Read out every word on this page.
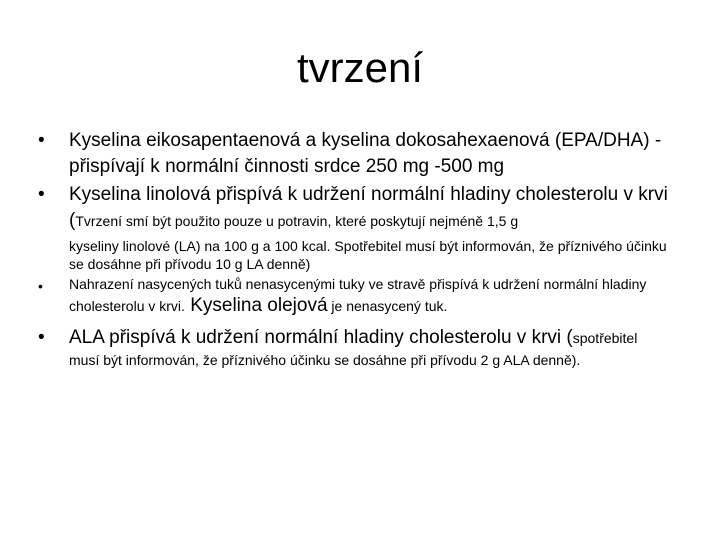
tvrzení
• Kyselina eikosapentaenová a kyselina dokosahexaenová (EPA/DHA) - přispívají k normální činnosti srdce 250 mg -500 mg
• Kyselina linolová přispívá k udržení normální hladiny cholesterolu v krvi (Tvrzení smí být použito pouze u potravin, které poskytují nejméně 1,5 g
kyseliny linolové (LA) na 100 g a 100 kcal. Spotřebitel musí být informován, že příznivého účinku se dosáhne při přívodu 10 g LA denně)
• Nahrazení nasycených tuků nenasycenými tuky ve stravě přispívá k udržení normální hladiny cholesterolu v krvi. Kyselina olejová je nenasycený tuk.
• ALA přispívá k udržení normální hladiny cholesterolu v krvi (spotřebitel
musí být informován, že příznivého účinku se dosáhne při přívodu 2 g ALA denně).
